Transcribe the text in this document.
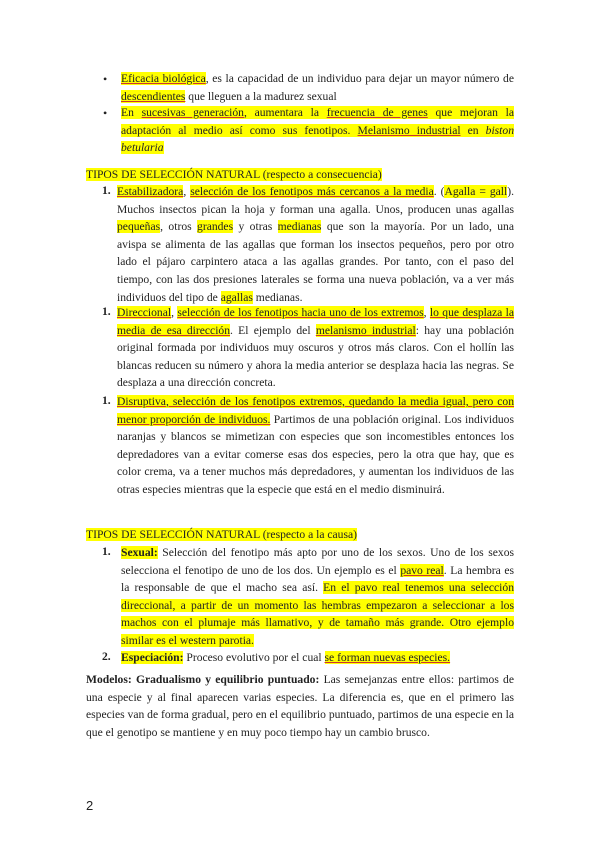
• Eficacia biológica, es la capacidad de un individuo para dejar un mayor número de descendientes que lleguen a la madurez sexual
• En sucesivas generación, aumentara la frecuencia de genes que mejoran la adaptación al medio así como sus fenotipos. Melanismo industrial en biston betularia
TIPOS DE SELECCIÓN NATURAL (respecto a consecuencia)
1. Estabilizadora, selección de los fenotipos más cercanos a la media. (Agalla = gall). Muchos insectos pican la hoja y forman una agalla. Unos, producen unas agallas pequeñas, otros grandes y otras medianas que son la mayoría. Por un lado, una avispa se alimenta de las agallas que forman los insectos pequeños, pero por otro lado el pájaro carpintero ataca a las agallas grandes. Por tanto, con el paso del tiempo, con las dos presiones laterales se forma una nueva población, va a ver más individuos del tipo de agallas medianas.
1. Direccional, selección de los fenotipos hacia uno de los extremos, lo que desplaza la media de esa dirección. El ejemplo del melanismo industrial: hay una población original formada por individuos muy oscuros y otros más claros. Con el hollín las blancas reducen su número y ahora la media anterior se desplaza hacia las negras. Se desplaza a una dirección concreta.
1. Disruptiva, selección de los fenotipos extremos, quedando la media igual, pero con menor proporción de individuos. Partimos de una población original. Los individuos naranjas y blancos se mimetizan con especies que son incomestibles entonces los depredadores van a evitar comerse esas dos especies, pero la otra que hay, que es color crema, va a tener muchos más depredadores, y aumentan los individuos de las otras especies mientras que la especie que está en el medio disminuirá.
TIPOS DE SELECCIÓN NATURAL (respecto a la causa)
1. Sexual: Selección del fenotipo más apto por uno de los sexos. Uno de los sexos selecciona el fenotipo de uno de los dos. Un ejemplo es el pavo real. La hembra es la responsable de que el macho sea así. En el pavo real tenemos una selección direccional, a partir de un momento las hembras empezaron a seleccionar a los machos con el plumaje más llamativo, y de tamaño más grande. Otro ejemplo similar es el western parotia.
2. Especiación: Proceso evolutivo por el cual se forman nuevas especies.
Modelos: Gradualismo y equilibrio puntuado: Las semejanzas entre ellos: partimos de una especie y al final aparecen varias especies. La diferencia es, que en el primero las especies van de forma gradual, pero en el equilibrio puntuado, partimos de una especie en la que el genotipo se mantiene y en muy poco tiempo hay un cambio brusco.
2
